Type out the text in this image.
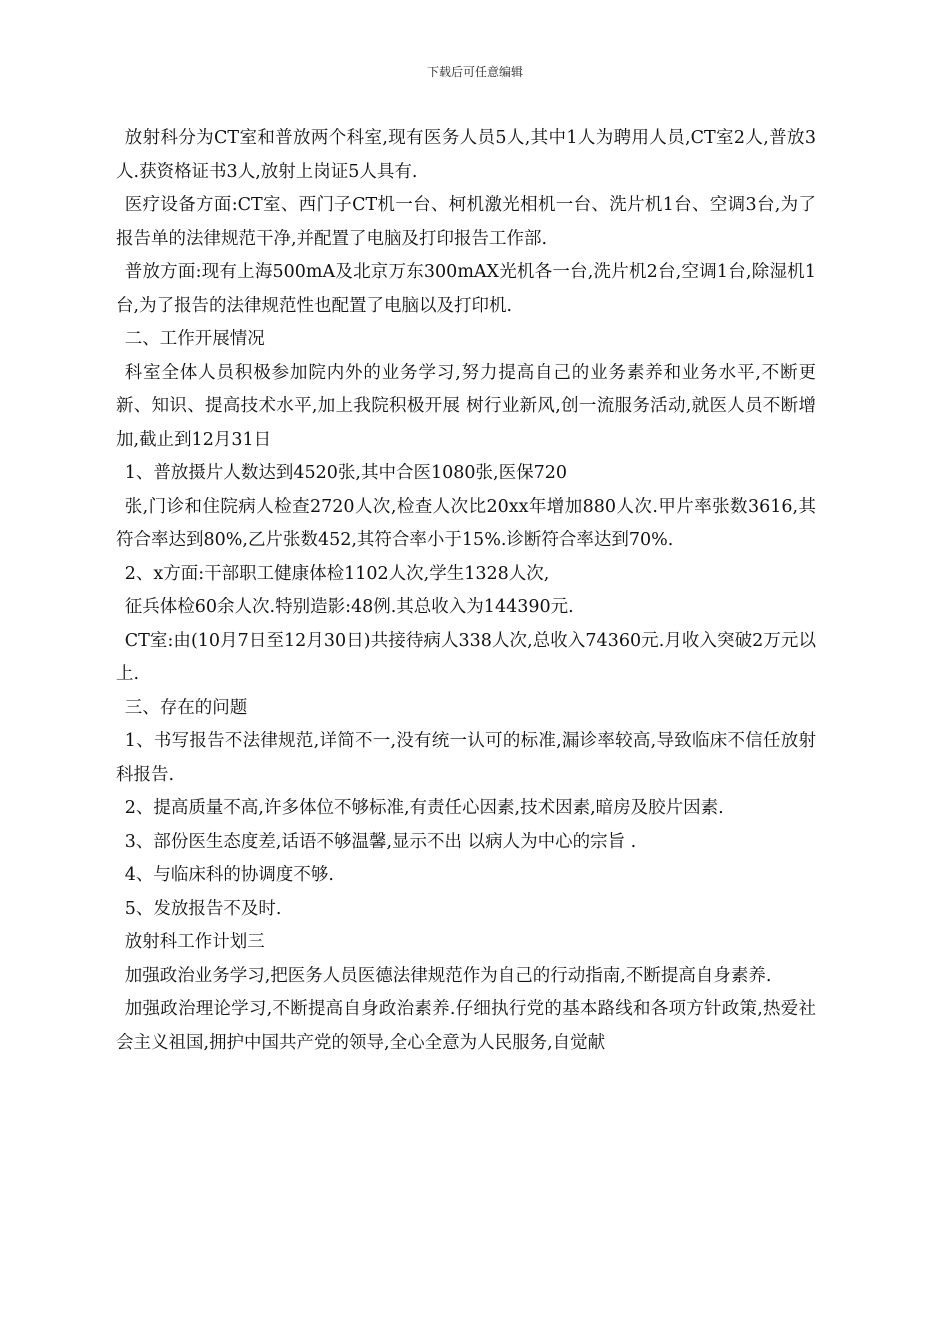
下载后可任意编辑

放射科分为CT室和普放两个科室,现有医务人员5人,其中1人为聘用人员,CT室2人,普放3人.获资格证书3人,放射上岗证5人具有.

医疗设备方面:CT室、西门子CT机一台、柯机激光相机一台、洗片机1台、空调3台,为了报告单的法律规范干净,并配置了电脑及打印报告工作部.

普放方面:现有上海500mA及北京万东300mAX光机各一台,洗片机2台,空调1台,除湿机1台,为了报告的法律规范性也配置了电脑以及打印机.

二、工作开展情况

科室全体人员积极参加院内外的业务学习,努力提高自己的业务素养和业务水平,不断更新、知识、提高技术水平,加上我院积极开展 树行业新风,创一流服务活动,就医人员不断增加,截止到12月31日

1、普放摄片人数达到4520张,其中合医1080张,医保720

张,门诊和住院病人检查2720人次,检查人次比20xx年增加880人次.甲片率张数3616,其符合率达到80%,乙片张数452,其符合率小于15%.诊断符合率达到70%.

2、x方面:干部职工健康体检1102人次,学生1328人次,

征兵体检60余人次.特别造影:48例.其总收入为144390元.

CT室:由(10月7日至12月30日)共接待病人338人次,总收入74360元.月收入突破2万元以上.

三、存在的问题

1、书写报告不法律规范,详简不一,没有统一认可的标准,漏诊率较高,导致临床不信任放射科报告.

2、提高质量不高,许多体位不够标准,有责任心因素,技术因素,暗房及胶片因素.

3、部份医生态度差,话语不够温馨,显示不出 以病人为中心的宗旨 .

4、与临床科的协调度不够.

5、发放报告不及时.

放射科工作计划三

加强政治业务学习,把医务人员医德法律规范作为自己的行动指南,不断提高自身素养.

加强政治理论学习,不断提高自身政治素养.仔细执行党的基本路线和各项方针政策,热爱社会主义祖国,拥护中国共产党的领导,全心全意为人民服务,自觉献
